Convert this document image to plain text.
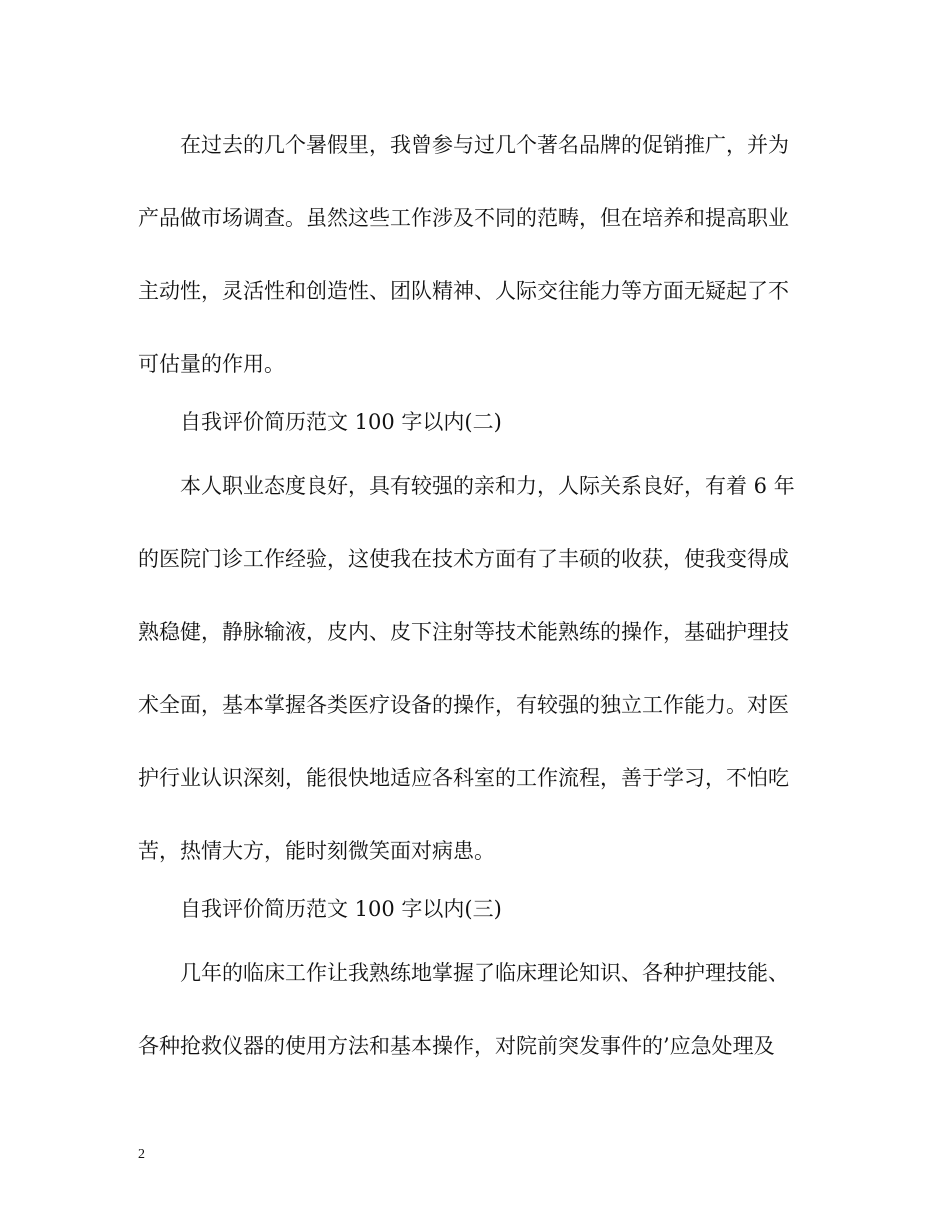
在过去的几个暑假里，我曾参与过几个著名品牌的促销推广，并为
产品做市场调查。虽然这些工作涉及不同的范畴，但在培养和提高职业
主动性，灵活性和创造性、团队精神、人际交往能力等方面无疑起了不
可估量的作用。
自我评价简历范文 100 字以内(二)
本人职业态度良好，具有较强的亲和力，人际关系良好，有着 6 年
的医院门诊工作经验，这使我在技术方面有了丰硕的收获，使我变得成
熟稳健，静脉输液，皮内、皮下注射等技术能熟练的操作，基础护理技
术全面，基本掌握各类医疗设备的操作，有较强的独立工作能力。对医
护行业认识深刻，能很快地适应各科室的工作流程，善于学习，不怕吃
苦，热情大方，能时刻微笑面对病患。
自我评价简历范文 100 字以内(三)
几年的临床工作让我熟练地掌握了临床理论知识、各种护理技能、
各种抢救仪器的使用方法和基本操作，对院前突发事件的’应急处理及
2
